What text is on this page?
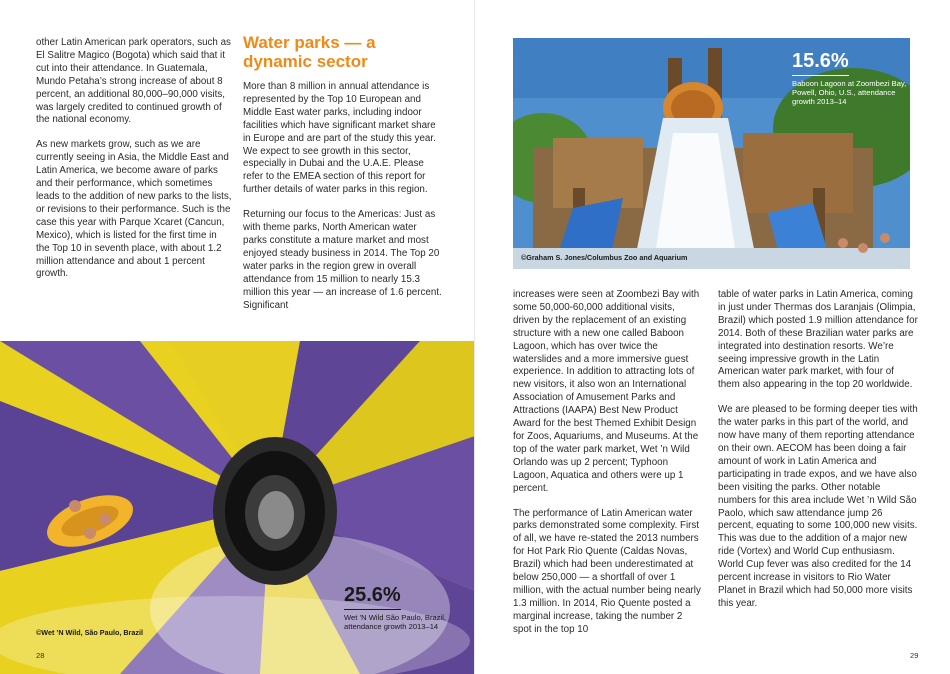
other Latin American park operators, such as El Salitre Magico (Bogota) which said that it cut into their attendance. In Guatemala, Mundo Petaha’s strong increase of about 8 percent, an additional 80,000–90,000 visits, was largely credited to continued growth of the national economy.

As new markets grow, such as we are currently seeing in Asia, the Middle East and Latin America, we become aware of parks and their performance, which sometimes leads to the addition of new parks to the lists, or revisions to their performance. Such is the case this year with Parque Xcaret (Cancun, Mexico), which is listed for the first time in the Top 10 in seventh place, with about 1.2 million attendance and about 1 percent growth.

Water parks — a dynamic sector

More than 8 million in annual attendance is represented by the Top 10 European and Middle East water parks, including indoor facilities which have significant market share in Europe and are part of the study this year. We expect to see growth in this sector, especially in Dubai and the U.A.E. Please refer to the EMEA section of this report for further details of water parks in this region.

Returning our focus to the Americas: Just as with theme parks, North American water parks constitute a mature market and most enjoyed steady business in 2014. The Top 20 water parks in the region grew in overall attendance from 15 million to nearly 15.3 million this year — an increase of 1.6 percent. Significant

25.6%
Wet ’N Wild São Paulo, Brazil, attendance growth 2013–14
©Wet ’N Wild, São Paulo, Brazil
28
©Graham S. Jones/Columbus Zoo and Aquarium

increases were seen at Zoombezi Bay with some 50,000-60,000 additional visits, driven by the replacement of an existing structure with a new one called Baboon Lagoon, which has over twice the waterslides and a more immersive guest experience. In addition to attracting lots of new visitors, it also won an International Association of Amusement Parks and Attractions (IAAPA) Best New Product Award for the best Themed Exhibit Design for Zoos, Aquariums, and Museums. At the top of the water park market, Wet ’n Wild Orlando was up 2 percent; Typhoon Lagoon, Aquatica and others were up 1 percent.

The performance of Latin American water parks demonstrated some complexity. First of all, we have re-stated the 2013 numbers for Hot Park Rio Quente (Caldas Novas, Brazil) which had been underestimated at below 250,000 — a shortfall of over 1 million, with the actual number being nearly 1.3 million. In 2014, Rio Quente posted a marginal increase, taking the number 2 spot in the top 10

table of water parks in Latin America, coming in just under Thermas dos Laranjais (Olimpia, Brazil) which posted 1.9 million attendance for 2014. Both of these Brazilian water parks are integrated into destination resorts. We’re seeing impressive growth in the Latin American water park market, with four of them also appearing in the top 20 worldwide.

We are pleased to be forming deeper ties with the water parks in this part of the world, and now have many of them reporting attendance on their own. AECOM has been doing a fair amount of work in Latin America and participating in trade expos, and we have also been visiting the parks. Other notable numbers for this area include Wet ’n Wild São Paolo, which saw attendance jump 26 percent, equating to some 100,000 new visits. This was due to the addition of a major new ride (Vortex) and World Cup enthusiasm. World Cup fever was also credited for the 14 percent increase in visitors to Rio Water Planet in Brazil which had 50,000 more visits this year.

29
15.6%
Baboon Lagoon at Zoombezi Bay, Powell, Ohio, U.S., attendance growth 2013–14
